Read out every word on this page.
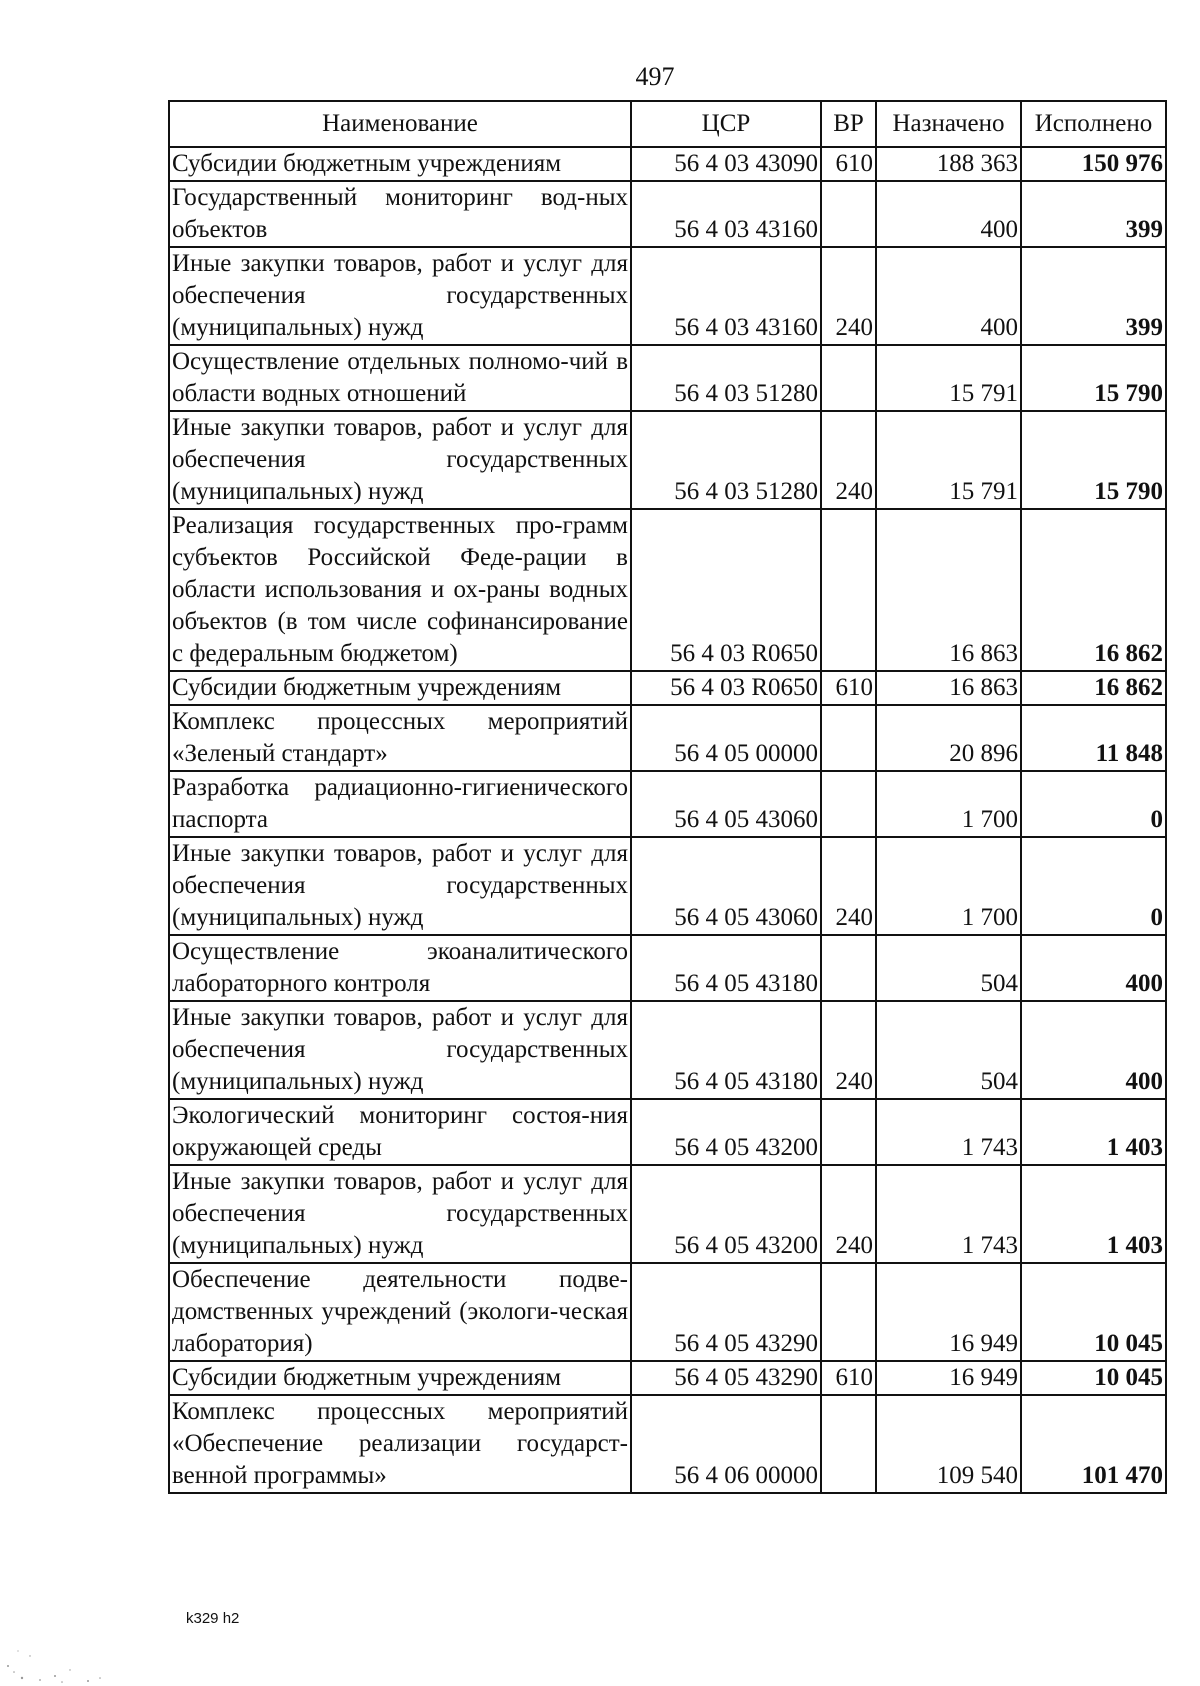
497
Наименование	ЦСР	ВР	Назначено	Исполнено
Субсидии бюджетным учреждениям	56 4 03 43090	610	188 363	150 976
Государственный мониторинг вод-ных объектов	56 4 03 43160		400	399
Иные закупки товаров, работ и услуг для обеспечения государственных (муниципальных) нужд	56 4 03 43160	240	400	399
Осуществление отдельных полномо-чий в области водных отношений	56 4 03 51280		15 791	15 790
Иные закупки товаров, работ и услуг для обеспечения государственных (муниципальных) нужд	56 4 03 51280	240	15 791	15 790
Реализация государственных про-грамм субъектов Российской Феде-рации в области использования и ох-раны водных объектов (в том числе софинансирование с федеральным бюджетом)	56 4 03 R0650		16 863	16 862
Субсидии бюджетным учреждениям	56 4 03 R0650	610	16 863	16 862
Комплекс процессных мероприятий «Зеленый стандарт»	56 4 05 00000		20 896	11 848
Разработка радиационно-гигиенического паспорта	56 4 05 43060		1 700	0
Иные закупки товаров, работ и услуг для обеспечения государственных (муниципальных) нужд	56 4 05 43060	240	1 700	0
Осуществление экоаналитического лабораторного контроля	56 4 05 43180		504	400
Иные закупки товаров, работ и услуг для обеспечения государственных (муниципальных) нужд	56 4 05 43180	240	504	400
Экологический мониторинг состоя-ния окружающей среды	56 4 05 43200		1 743	1 403
Иные закупки товаров, работ и услуг для обеспечения государственных (муниципальных) нужд	56 4 05 43200	240	1 743	1 403
Обеспечение деятельности подве-домственных учреждений (экологи-ческая лаборатория)	56 4 05 43290		16 949	10 045
Субсидии бюджетным учреждениям	56 4 05 43290	610	16 949	10 045
Комплекс процессных мероприятий «Обеспечение реализации государст-венной программы»	56 4 06 00000		109 540	101 470
k329 h2
